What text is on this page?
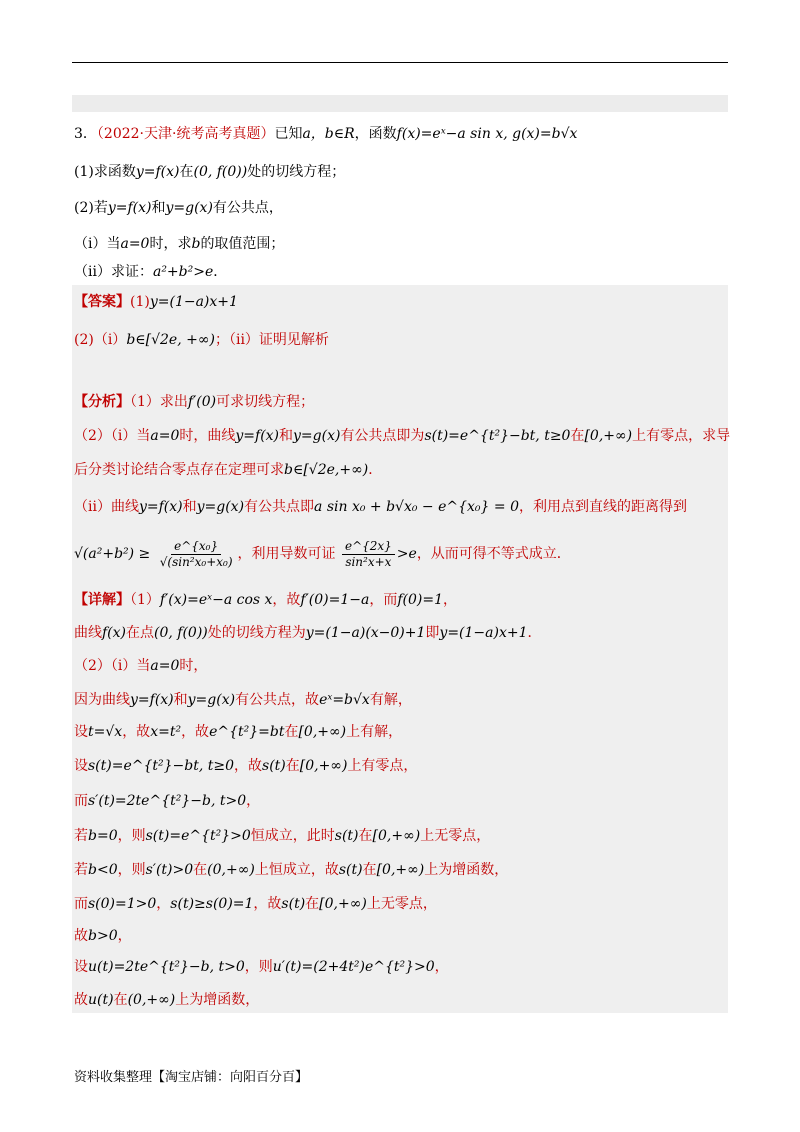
3．（2022·天津·统考高考真题）已知a，b∈R，函数f(x)=eˣ−a sin x, g(x)=b√x
(1)求函数y=f(x)在(0, f(0))处的切线方程；
(2)若y=f(x)和y=g(x)有公共点，
（i）当a=0时，求b的取值范围；
（ii）求证：a²+b²>e．
【答案】(1)y=(1−a)x+1
(2)（i）b∈[√2e, +∞)；（ii）证明见解析
【分析】（1）求出f′(0)可求切线方程；
（2）（i）当a=0时，曲线y=f(x)和y=g(x)有公共点即为s(t)=e^{t²}−bt, t≥0在[0,+∞)上有零点，求导
后分类讨论结合零点存在定理可求b∈[√2e,+∞)．
（ii）曲线y=f(x)和y=g(x)有公共点即a sin x₀ + b√x₀ − e^{x₀} = 0，利用点到直线的距离得到
$√(a^2+b^2) \ge \frac{\text{e\textasciicircum{}\{x₀\}}}{\text{√(sin²x₀+x₀)}}$ ，利用导数可证 $\frac{e\^{}\{2x\}}{\text{sin²x+x}} >e$，从而可得不等式成立．
【详解】（1）f′(x)=eˣ−a cos x，故f′(0)=1−a，而f(0)=1，
曲线f(x)在点(0, f(0))处的切线方程为y=(1−a)(x−0)+1即y=(1−a)x+1．
（2）（i）当a=0时，
因为曲线y=f(x)和y=g(x)有公共点，故eˣ=b√x有解，
设t=√x，故x=t²，故e^{t²}=bt在[0,+∞)上有解，
设s(t)=e^{t²}−bt, t≥0，故s(t)在[0,+∞)上有零点，
而s′(t)=2te^{t²}−b, t>0，
若b=0，则s(t)=e^{t²}>0恒成立，此时s(t)在[0,+∞)上无零点，
若b<0，则s′(t)>0在(0,+∞)上恒成立，故s(t)在[0,+∞)上为增函数，
而s(0)=1>0，s(t)≥s(0)=1，故s(t)在[0,+∞)上无零点，
故b>0，
设u(t)=2te^{t²}−b, t>0，则u′(t)=(2+4t²)e^{t²}>0，
故u(t)在(0,+∞)上为增函数，
资料收集整理【淘宝店铺：向阳百分百】
